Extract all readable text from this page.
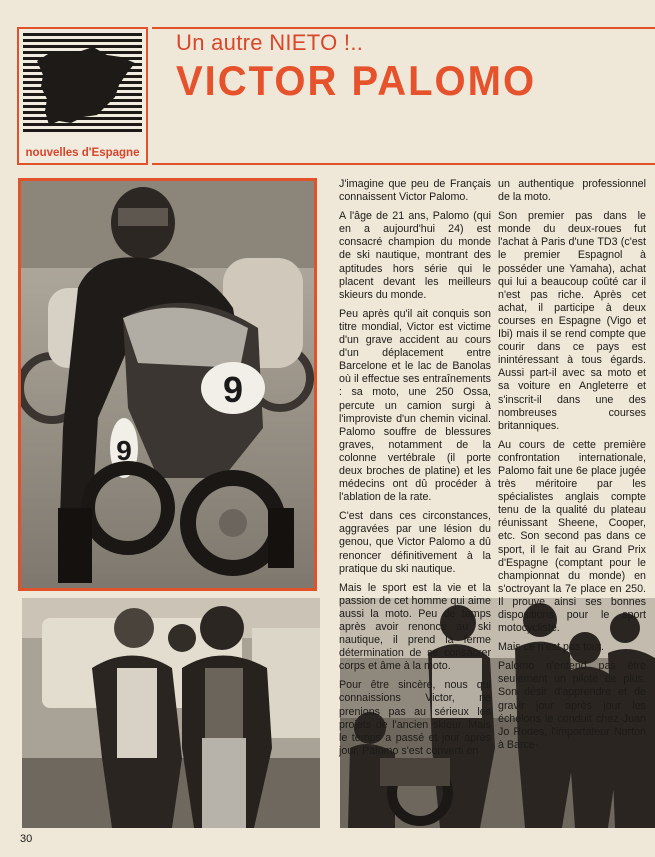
nouvelles d'Espagne
Un autre NIETO !..
VICTOR PALOMO
9
9

J'imagine que peu de Français connaissent Victor Palomo.

A l'âge de 21 ans, Palomo (qui en a aujourd'hui 24) est consacré champion du monde de ski nautique, montrant des aptitudes hors série qui le placent devant les meilleurs skieurs du monde.

Peu après qu'il ait conquis son titre mondial, Victor est victime d'un grave accident au cours d'un déplacement entre Barcelone et le lac de Banolas où il effectue ses entraînements : sa moto, une 250 Ossa, percute un camion surgi à l'improviste d'un chemin vicinal. Palomo souffre de blessures graves, notamment de la colonne vertébrale (il porte deux broches de platine) et les médecins ont dû procéder à l'ablation de la rate.

C'est dans ces circonstances, aggravées par une lésion du genou, que Victor Palomo a dû renoncer définitivement à la pratique du ski nautique.

Mais le sport est la vie et la passion de cet homme qui aime aussi la moto. Peu de temps après avoir renoncé au ski nautique, il prend la ferme détermination de se consacrer corps et âme à la moto.

Pour être sincère, nous qui connaissions Victor, ne prenions pas au sérieux les projets de l'ancien skieur. Mais le temps a passé et jour après jour, Palomo s'est converti en

un authentique professionnel de la moto.

Son premier pas dans le monde du deux-roues fut l'achat à Paris d'une TD3 (c'est le premier Espagnol à posséder une Yamaha), achat qui lui a beaucoup coûté car il n'est pas riche. Après cet achat, il participe à deux courses en Espagne (Vigo et Ibi) mais il se rend compte que courir dans ce pays est inintéressant à tous égards. Aussi part-il avec sa moto et sa voiture en Angleterre et s'inscrit-il dans une des nombreuses courses britanniques.

Au cours de cette première confrontation internationale, Palomo fait une 6e place jugée très méritoire par les spécialistes anglais compte tenu de la qualité du plateau réunissant Sheene, Cooper, etc. Son second pas dans ce sport, il le fait au Grand Prix d'Espagne (comptant pour le championnat du monde) en s'octroyant la 7e place en 250. Il prouve ainsi ses bonnes dispositions pour le sport motocycliste.

Mais ce n'est pas tout.

Palomo n'entend pas être seulement un pilote de plus. Son désir d'apprendre et de gravir jour après jour les échelons le conduit chez Juan Jo Rodes, l'importateur Norton à Barce-

30
